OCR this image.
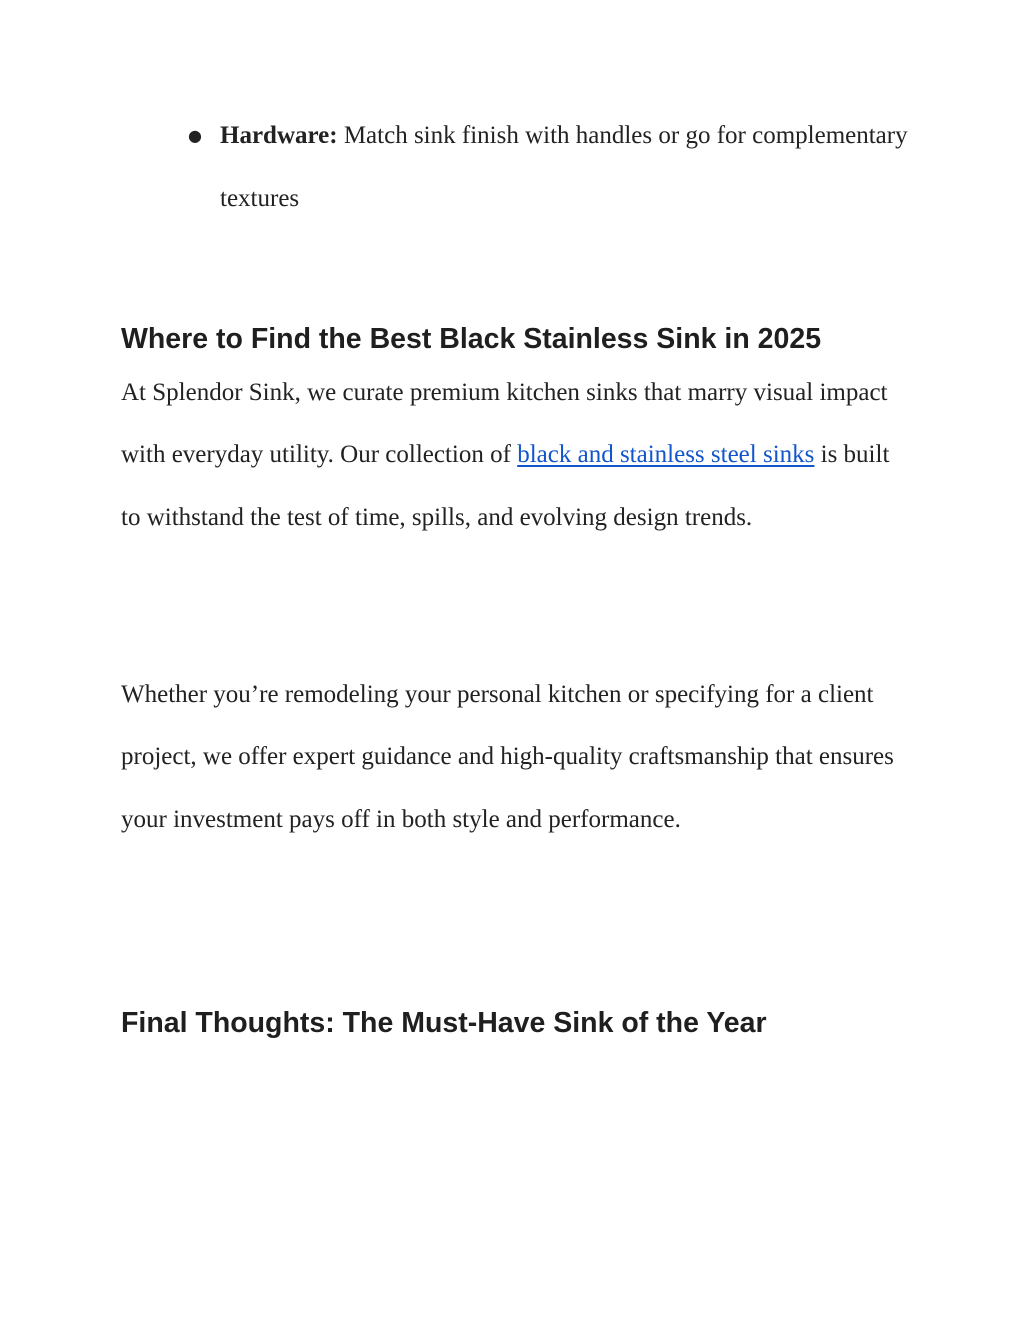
● Hardware: Match sink finish with handles or go for complementary textures
Where to Find the Best Black Stainless Sink in 2025

At Splendor Sink, we curate premium kitchen sinks that marry visual impact with everyday utility. Our collection of black and stainless steel sinks is built to withstand the test of time, spills, and evolving design trends.

Whether you’re remodeling your personal kitchen or specifying for a client project, we offer expert guidance and high-quality craftsmanship that ensures your investment pays off in both style and performance.

Final Thoughts: The Must-Have Sink of the Year
